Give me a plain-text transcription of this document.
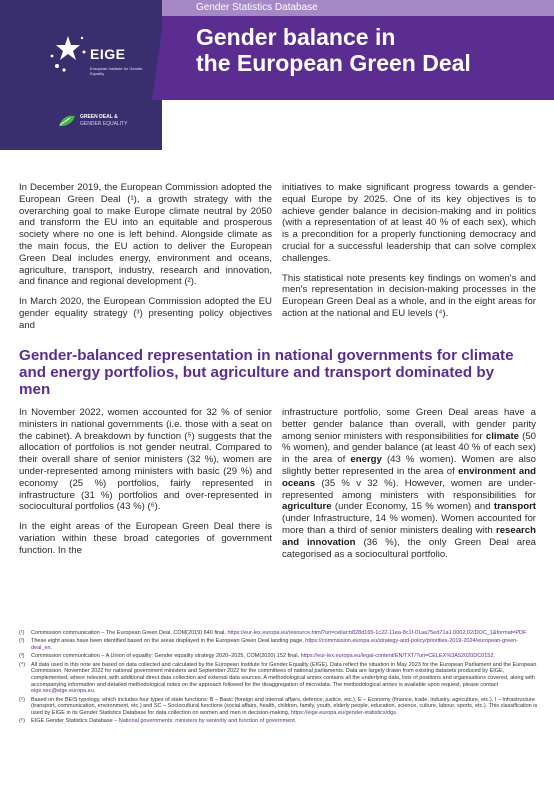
Gender Statistics Database
Gender balance in
the European Green Deal
EIGE
European Institute for Gender Equality
GREEN DEAL &
GENDER EQUALITY

In December 2019, the European Commission adopted the European Green Deal (¹), a growth strategy with the overarching goal to make Europe climate neutral by 2050 and transform the EU into an equitable and prosperous society where no one is left behind. Alongside climate as the main focus, the EU action to deliver the European Green Deal includes energy, environment and oceans, agriculture, transport, industry, research and innovation, and finance and regional development (²).

In March 2020, the European Commission adopted the EU gender equality strategy (³) presenting policy objectives and

initiatives to make significant progress towards a gender-equal Europe by 2025. One of its key objectives is to achieve gender balance in decision-making and in politics (with a representation of at least 40 % of each sex), which is a precondition for a properly functioning democracy and crucial for a successful leadership that can solve complex challenges.

This statistical note presents key findings on women's and men's representation in decision-making processes in the European Green Deal as a whole, and in the eight areas for action at the national and EU levels (⁴).

Gender-balanced representation in national governments for climate and energy portfolios, but agriculture and transport dominated by men

In November 2022, women accounted for 32 % of senior ministers in national governments (i.e. those with a seat on the cabinet). A breakdown by function (⁵) suggests that the allocation of portfolios is not gender neutral. Compared to their overall share of senior ministers (32 %), women are under-represented among ministers with basic (29 %) and economy (25 %) portfolios, fairly represented in infrastructure (31 %) portfolios and over-represented in sociocultural portfolios (43 %) (⁶).

In the eight areas of the European Green Deal there is variation within these broad categories of government function. In the

infrastructure portfolio, some Green Deal areas have a better gender balance than overall, with gender parity among senior ministers with responsibilities for climate (50 % women), and gender balance (at least 40 % of each sex) in the area of energy (43 % women). Women are also slightly better represented in the area of environment and oceans (35 % v 32 %). However, women are under-represented among ministers with responsibilities for agriculture (under Economy, 15 % women) and transport (under Infrastructure, 14 % women). Women accounted for more than a third of senior ministers dealing with research and innovation (36 %), the only Green Deal area categorised as a sociocultural portfolio.

(¹)	Commission communication – The European Green Deal, COM(2019) 640 final, https://eur-lex.europa.eu/resource.html?uri=cellar:b828d165-1c22-11ea-8c1f-01aa75ed71a1.0002.02/DOC_1&format=PDF.
(²)	These eight areas have been identified based on the areas displayed in the European Green Deal landing page, https://commission.europa.eu/strategy-and-policy/priorities-2019-2024/european-green-deal_en.
(³)	Commission communication – A Union of equality: Gender equality strategy 2020–2025, COM(2020) 152 final, https://eur-lex.europa.eu/legal-content/EN/TXT/?uri=CELEX%3A52020DC0152.
(⁴)	All data used in this note are based on data collected and calculated by the European Institute for Gender Equality (EIGE). Data reflect the situation in May 2023 for the European Parliament and the European Commission, November 2022 for national government ministers and September 2022 for the committees of national parliaments. Data are largely drawn from existing datasets produced by EIGE, complemented, where relevant, with additional direct data collection and external data sources. A methodological annex contains all the underlying data, lists of positions and organisations covered, along with accompanying information and detailed methodological notes on the approach followed for the disaggregation of microdata. The methodological annex is available upon request, please contact eige.sec@eige.europa.eu.
(⁵)	Based on the BEIS typology, which includes four types of state functions: B – Basic (foreign and internal affairs, defence, justice, etc.), E – Economy (finance, trade, industry, agriculture, etc.), I – Infrastructure (transport, communication, environment, etc.) and SC – Sociocultural functions (social affairs, health, children, family, youth, elderly people, education, science, culture, labour, sports, etc.). This classification is used by EIGE in its Gender Statistics Database for data collection on women and men in decision-making, https://eige.europa.eu/gender-statistics/dgs.
(⁶)	EIGE Gender Statistics Database – National governments: ministers by seniority and function of government.
